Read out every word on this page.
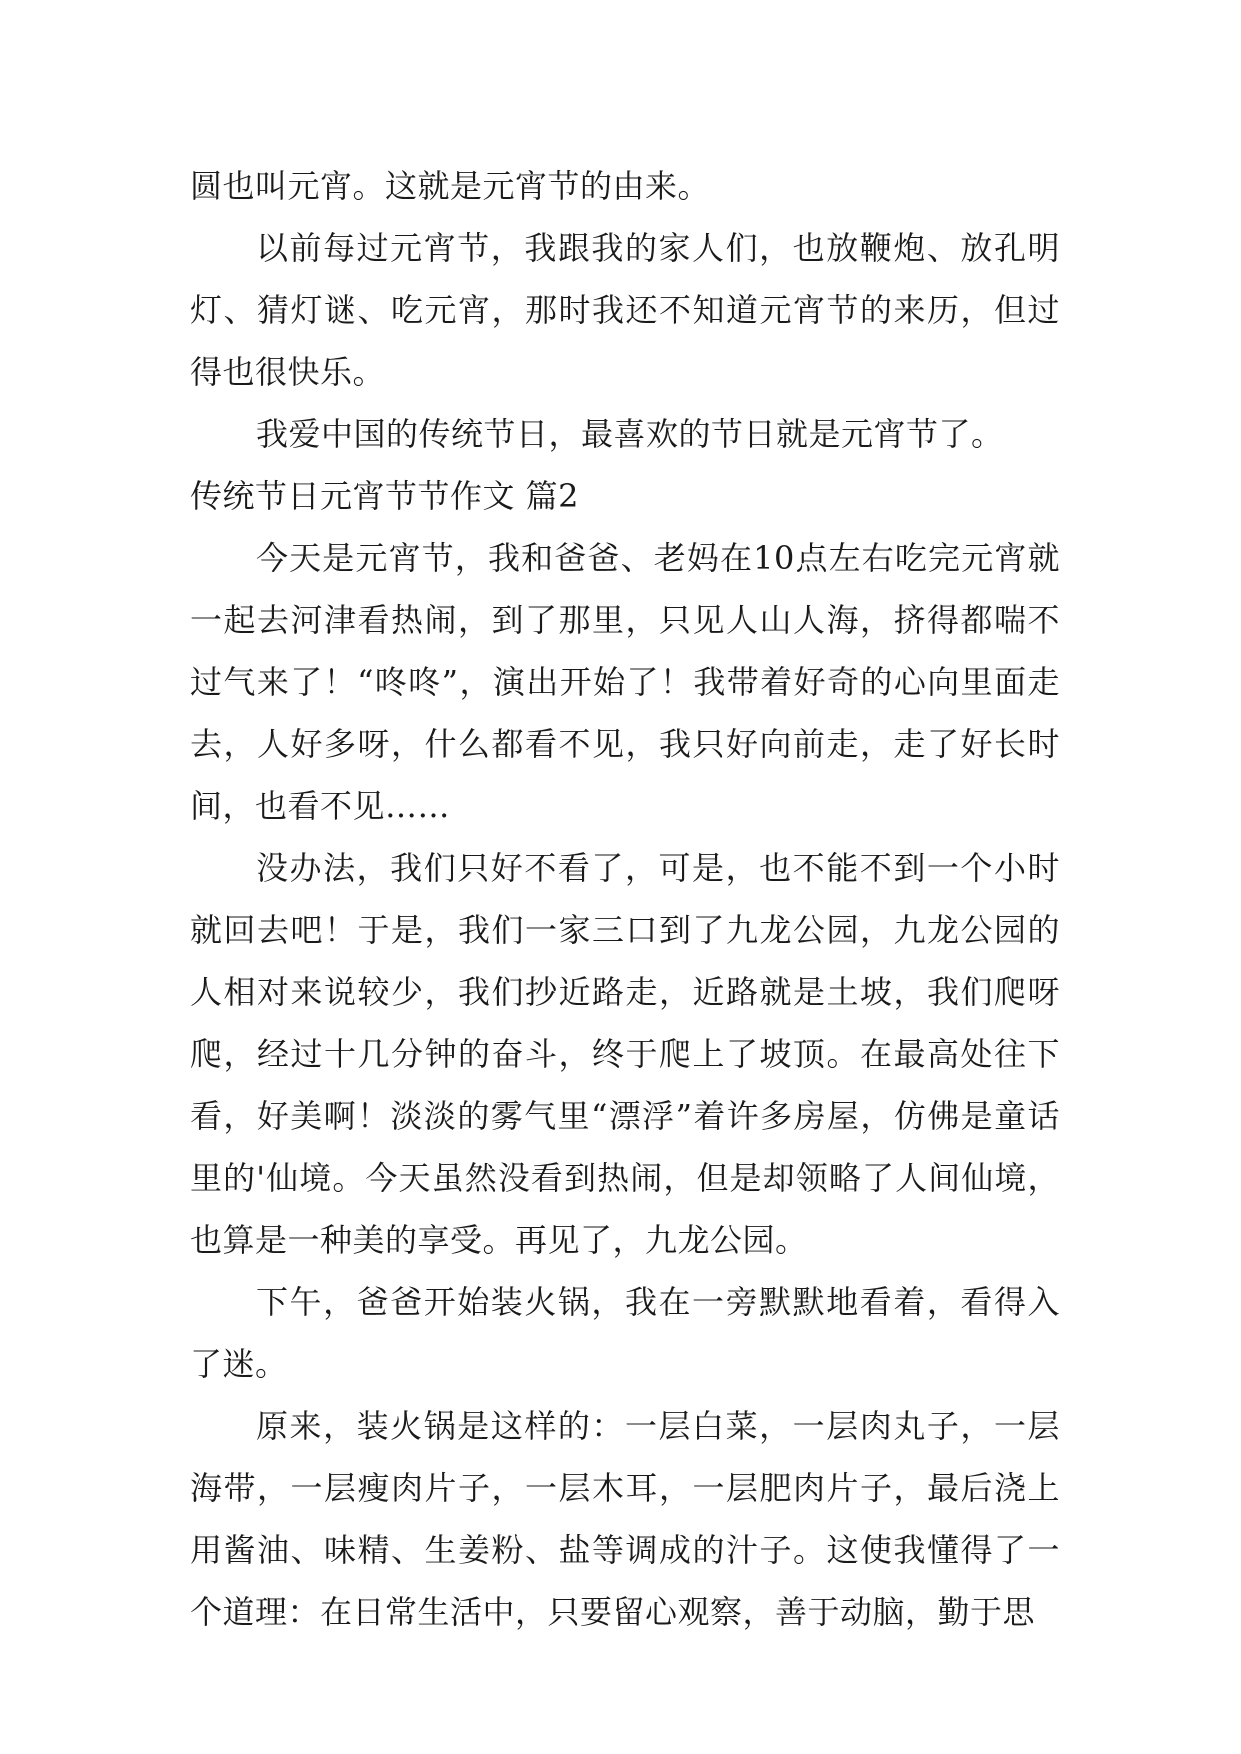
圆也叫元宵。这就是元宵节的由来。

以前每过元宵节，我跟我的家人们，也放鞭炮、放孔明灯、猜灯谜、吃元宵，那时我还不知道元宵节的来历，但过得也很快乐。

我爱中国的传统节日，最喜欢的节日就是元宵节了。

传统节日元宵节节作文 篇2

今天是元宵节，我和爸爸、老妈在10点左右吃完元宵就一起去河津看热闹，到了那里，只见人山人海，挤得都喘不过气来了！“咚咚”，演出开始了！我带着好奇的心向里面走去，人好多呀，什么都看不见，我只好向前走，走了好长时间，也看不见……

没办法，我们只好不看了，可是，也不能不到一个小时就回去吧！于是，我们一家三口到了九龙公园，九龙公园的人相对来说较少，我们抄近路走，近路就是土坡，我们爬呀爬，经过十几分钟的奋斗，终于爬上了坡顶。在最高处往下看，好美啊！淡淡的雾气里“漂浮”着许多房屋，仿佛是童话里的'仙境。今天虽然没看到热闹，但是却领略了人间仙境，也算是一种美的享受。再见了，九龙公园。

下午，爸爸开始装火锅，我在一旁默默地看着，看得入了迷。

原来，装火锅是这样的：一层白菜，一层肉丸子，一层海带，一层瘦肉片子，一层木耳，一层肥肉片子，最后浇上用酱油、味精、生姜粉、盐等调成的汁子。这使我懂得了一个道理：在日常生活中，只要留心观察，善于动脑，勤于思
